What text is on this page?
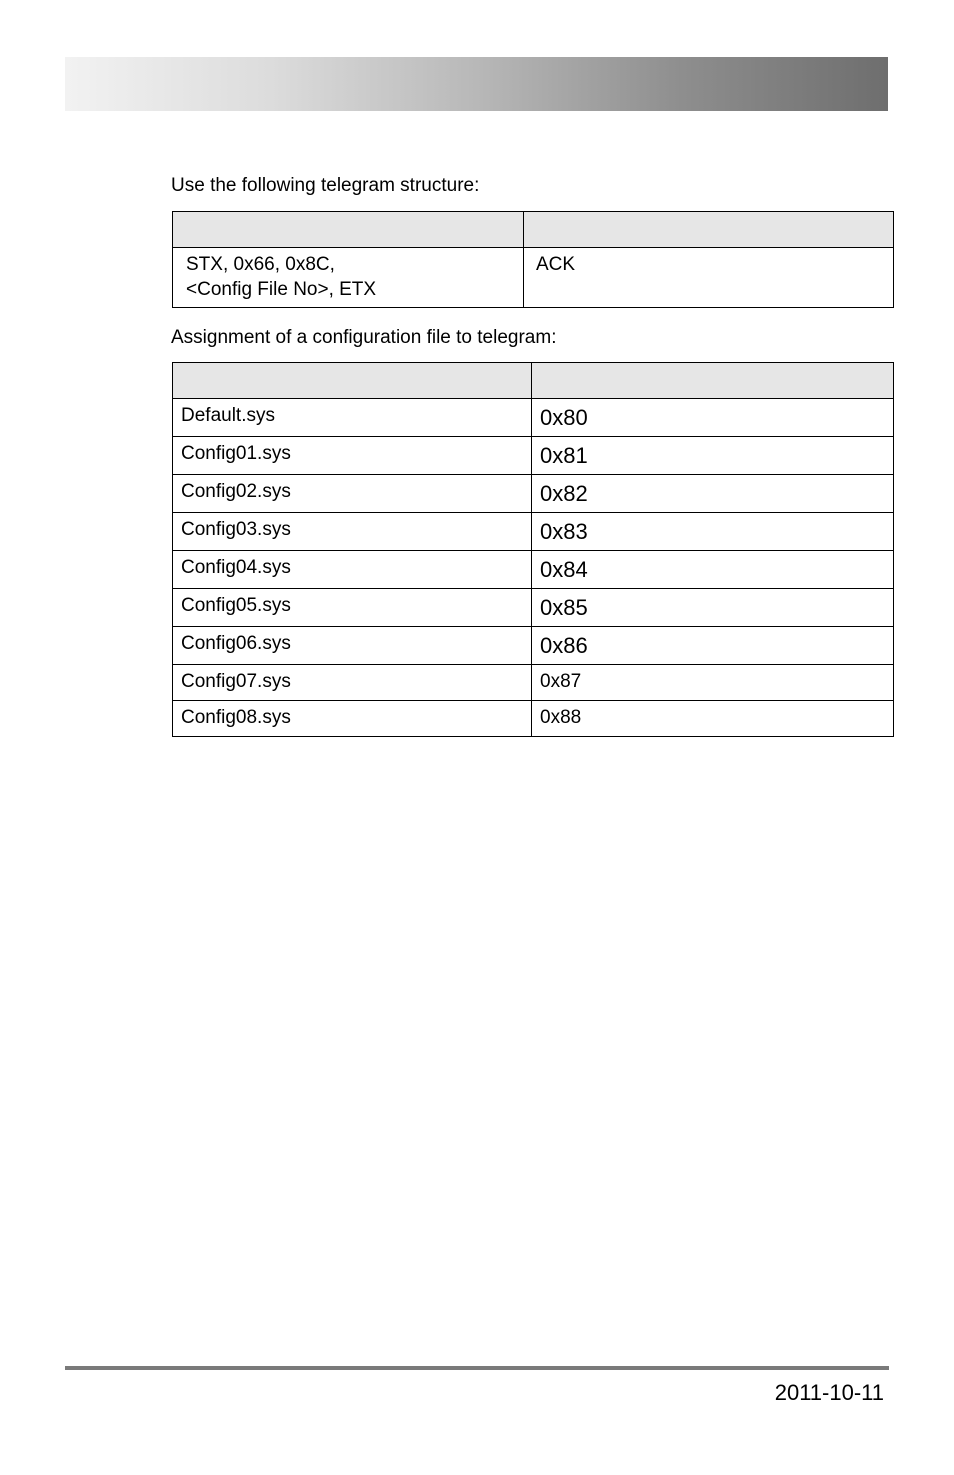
Use the following telegram structure:

STX, 0x66, 0x8C,
<Config File No>, ETX	ACK

Assignment of a configuration file to telegram:

Default.sys	0x80

Config01.sys	0x81

Config02.sys	0x82

Config03.sys	0x83

Config04.sys	0x84

Config05.sys	0x85

Config06.sys	0x86

Config07.sys	0x87

Config08.sys	0x88
2011-10-11
